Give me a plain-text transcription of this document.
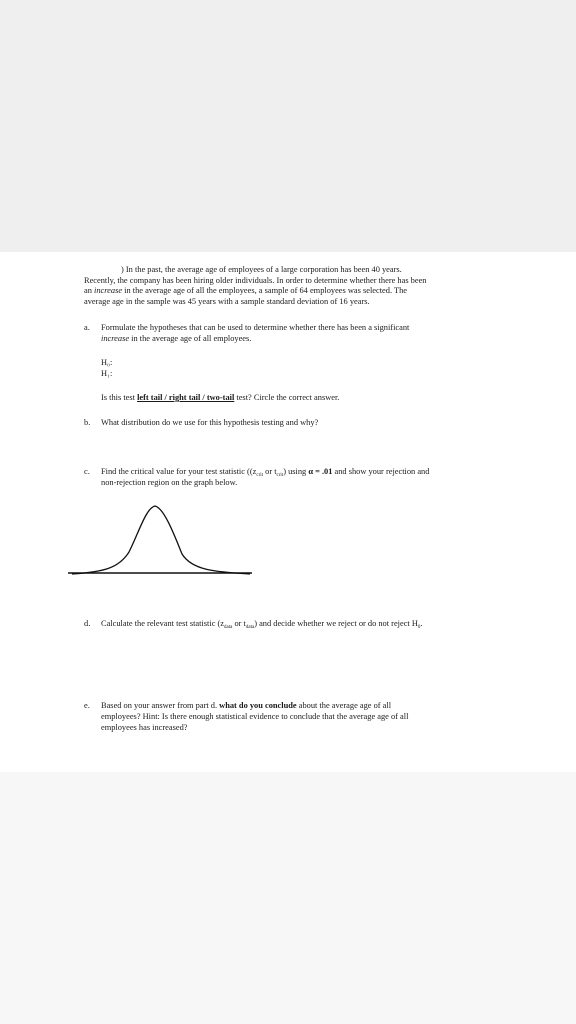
) In the past, the average age of employees of a large corporation has been 40 years.
Recently, the company has been hiring older individuals. In order to determine whether there has been
an increase in the average age of all the employees, a sample of 64 employees was selected. The
average age in the sample was 45 years with a sample standard deviation of 16 years.
a.	Formulate the hypotheses that can be used to determine whether there has been a significant
increase in the average age of all employees.
H₀:
H₁:
Is this test left tail / right tail / two-tail test? Circle the correct answer.
b.	What distribution do we use for this hypothesis testing and why?
c.	Find the critical value for your test statistic (($z_{crit}$ or $t_{crit}$) using α = .01 and show your rejection and
non-rejection region on the graph below.
d.	Calculate the relevant test statistic ($z_{data}$ or $t_{data}$) and decide whether we reject or do not reject $H_0$.
e.	Based on your answer from part d. what do you conclude about the average age of all
employees? Hint: Is there enough statistical evidence to conclude that the average age of all
employees has increased?
